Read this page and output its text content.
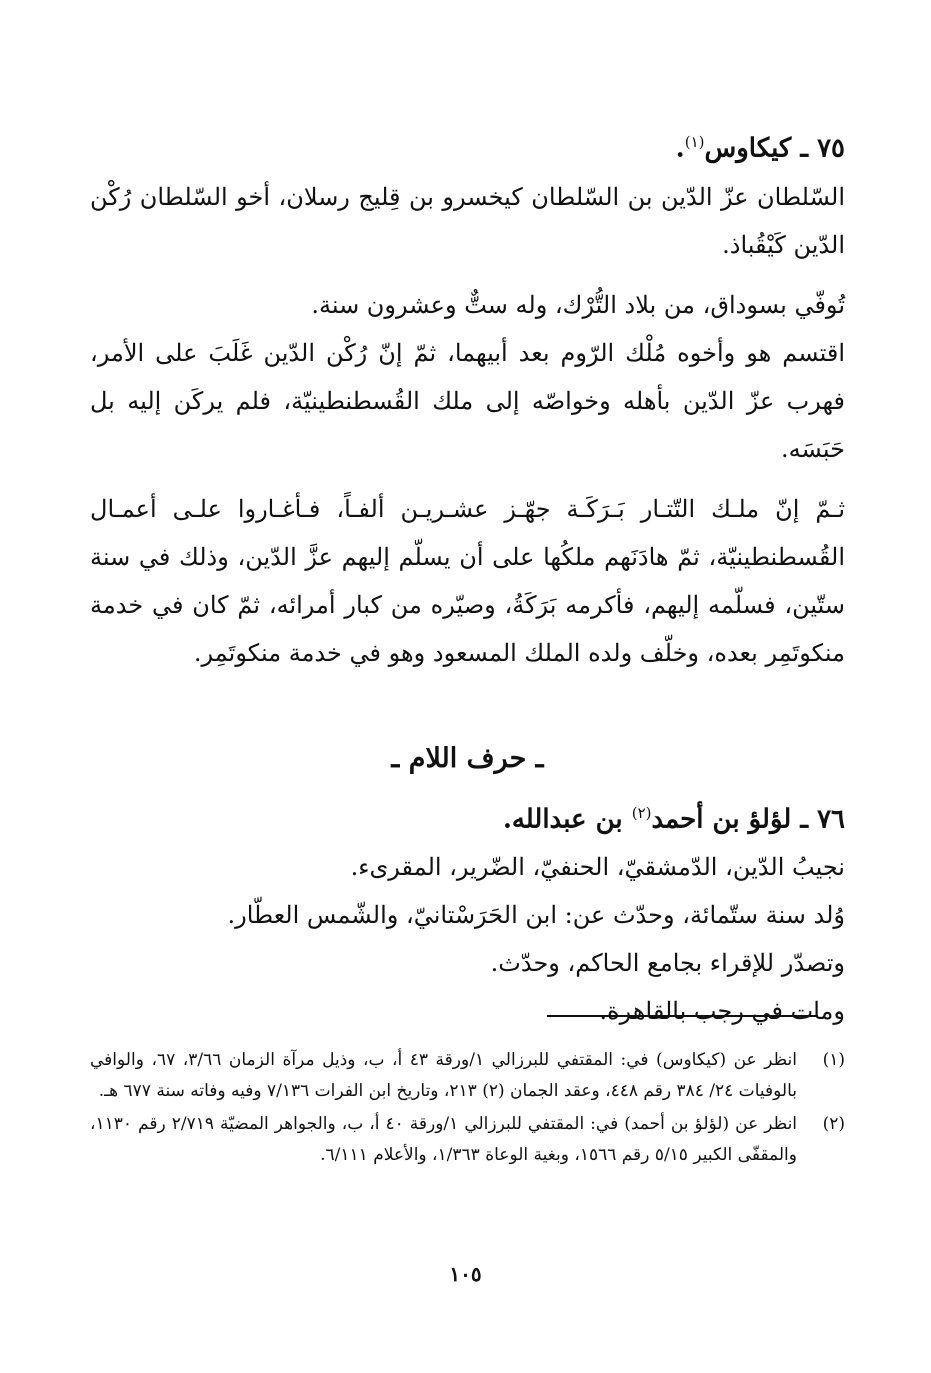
٧٥ ـ كيكاوس$^{(١)}$.

السّلطان عزّ الدّين بن السّلطان كيخسرو بن قِليج رسلان، أخو السّلطان رُكْن الدّين كَيْقُباذ.

تُوفّي بسوداق، من بلاد التُّرْك، وله ستٌّ وعشرون سنة.

اقتسم هو وأخوه مُلْك الرّوم بعد أبيهما، ثمّ إنّ رُكْن الدّين غَلَبَ على الأمر، فهرب عزّ الدّين بأهله وخواصّه إلى ملك القُسطنطينيّة، فلم يركَن إليه بل حَبَسَه.

ثـمّ إنّ ملـك التّتـار بَـرَكَـة جهّـز عشـريـن ألفـاً، فـأغـاروا علـى أعمـال القُسطنطينيّة، ثمّ هادَنَهم ملكُها على أن يسلّم إليهم عزَّ الدّين، وذلك في سنة ستّين، فسلّمه إليهم، فأكرمه بَرَكَةُ، وصيّره من كبار أمرائه، ثمّ كان في خدمة منكوتَمِر بعده، وخلّف ولده الملك المسعود وهو في خدمة منكوتَمِر.

ـ حرف اللام ـ

٧٦ ـ لؤلؤ بن أحمد$^{(٢)}$ بن عبدالله.

نجيبُ الدّين، الدّمشقيّ، الحنفيّ، الضّرير، المقرىء.

وُلد سنة ستّمائة، وحدّث عن: ابن الحَرَسْتانيّ، والشّمس العطّار.

وتصدّر للإقراء بجامع الحاكم، وحدّث.

ومات في رجب بالقاهرة.

(١)
انظر عن (كيكاوس) في: المقتفي للبرزالي ١/ورقة ٤٣ أ، ب، وذيل مرآة الزمان ٣/٦٦، ٦٧، والوافي بالوفيات ٢٤/ ٣٨٤ رقم ٤٤٨، وعقد الجمان (٢) ٢١٣، وتاريخ ابن الفرات ٧/١٣٦ وفيه وفاته سنة ٦٧٧ هـ.
(٢)
انظر عن (لؤلؤ بن أحمد) في: المقتفي للبرزالي ١/ورقة ٤٠ أ، ب، والجواهر المضيّة ٢/٧١٩ رقم ١١٣٠، والمقفّى الكبير ٥/١٥ رقم ١٥٦٦، وبغية الوعاة ١/٣٦٣، والأعلام ٦/١١١.
١٠٥
